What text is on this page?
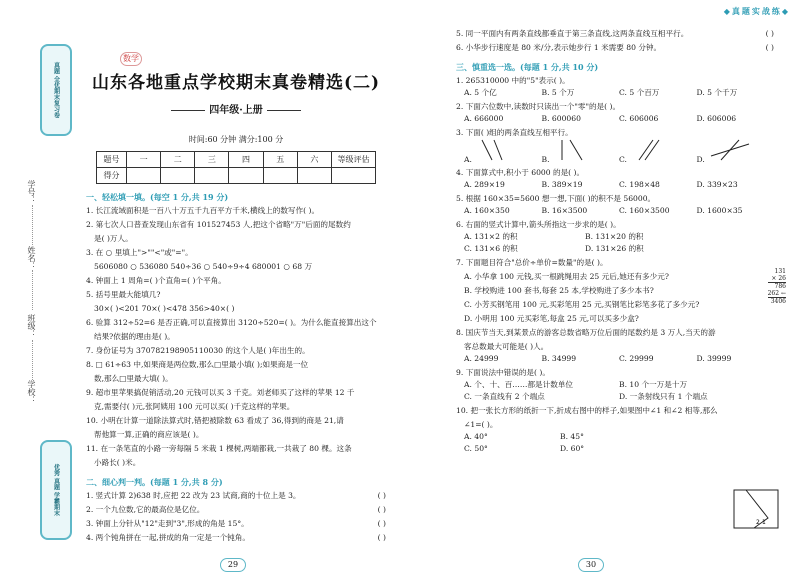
真题 全优期末复习卷
学号：
姓名：
班级：
学校：
优秀 真题 学霸期末
数学
山东各地重点学校期末真卷精选(二)
四年级·上册
时间:60 分钟 满分:100 分
题号	一	二	三	四	五	六	等级评估
得分							
一、轻松填一填。(每空 1 分,共 19 分)
1. 长江流域面积是一百八十万五千九百平方千米,横线上的数写作( )。
2. 第七次人口普查发现山东省有 101527453 人,把这个省略"万"后面的尾数约
是( )万人。
3. 在 ○ 里填上">""<"或"="。
5606080 ○ 536080 540÷36 ○ 540÷9÷4 680001 ○ 68 万
4. 钟面上 1 周角=( )个直角=( )个平角。
5. 括号里最大能填几?
30×( )<201 70×( )<478 356>40×( )
6. 验算 312÷52=6 是否正确,可以直接算出 3120÷520=( )。为什么能直接算出这个
结果?依据的理由是( )。
7. 身份证号为 370782198905110030 的这个人是( )年出生的。
8. □ 61÷63 中,如果商是两位数,那么□里最小填( );如果商是一位
数,那么□里最大填( )。
9. 超市里苹果搞促销活动,20 元钱可以买 3 千克。刘老师买了这样的苹果 12 千
克,需要付( )元,张阿姨用 100 元可以买( )千克这样的苹果。
10. 小明在计算一道除法算式时,错把被除数 63 看成了 36,得到的商是 21,请
帮他算一算,正确的商应该是( )。
11. 在一条笔直的小路一旁每隔 5 米栽 1 棵树,两端都栽,一共栽了 80 棵。这条
小路长( )米。
二、细心判一判。(每题 1 分,共 8 分)
1. 竖式计算 2)638 时,应把 22 改为 23 试商,商的十位上是 3。	( )
2. 一个九位数,它的最高位是亿位。	( )
3. 钟面上分针从"12"走到"3",形成的角是 15°。	( )
4. 两个钝角拼在一起,拼成的角一定是一个钝角。	( )
29
◆真题实战练◆
5. 同一平面内有两条直线都垂直于第三条直线,这两条直线互相平行。	( )
6. 小华步行速度是 80 米/分,表示她步行 1 米需要 80 分钟。	( )
三、慎重选一选。(每题 1 分,共 10 分)
1. 265310000 中的"5"表示( )。
A. 5 个亿	B. 5 个万	C. 5 个百万	D. 5 个千万
2. 下面六位数中,读数时只读出一个"零"的是( )。
A. 666000	B. 600060	C. 606006	D. 606006
3. 下面( )组的两条直线互相平行。
A.	B.	C.	D.
4. 下面算式中,积小于 6000 的是( )。
A. 289×19	B. 389×19	C. 198×48	D. 339×23
5. 根据 160×35=5600 想一想,下面( )的积不是 56000。
A. 160×350	B. 16×3500	C. 160×3500	D. 1600×35
6. 右面的竖式计算中,箭头所指这一步求的是( )。
A. 131×2 的积	B. 131×20 的积
C. 131×6 的积	D. 131×26 的积
7. 下面题目符合"总价÷单价=数量"的是( )。
A. 小华拿 100 元钱,买一根跳绳用去 25 元后,她还有多少元?
B. 学校购进 100 套书,每套 25 本,学校购进了多少本书?
C. 小芳买钢笔用 100 元,买彩笔用 25 元,买钢笔比彩笔多花了多少元?
D. 小明用 100 元买彩笔,每盒 25 元,可以买多少盒?
8. 国庆节当天,到某景点的游客总数省略万位后面的尾数约是 3 万人,当天的游
客总数最大可能是( )人。
A. 24999	B. 34999	C. 29999	D. 39999
9. 下面说法中错误的是( )。
A. 个、十、百……都是计数单位	B. 10 个一万是十万
C. 一条直线有 2 个端点	D. 一条射线只有 1 个端点
10. 把一张长方形的纸折一下,折成右图中的样子,如果图中∠1 和∠2 相等,那么
∠1=( )。
A. 40°	B. 45°
C. 50°	D. 60°
131
× 26
786
262 ←
3406
2 1
30
